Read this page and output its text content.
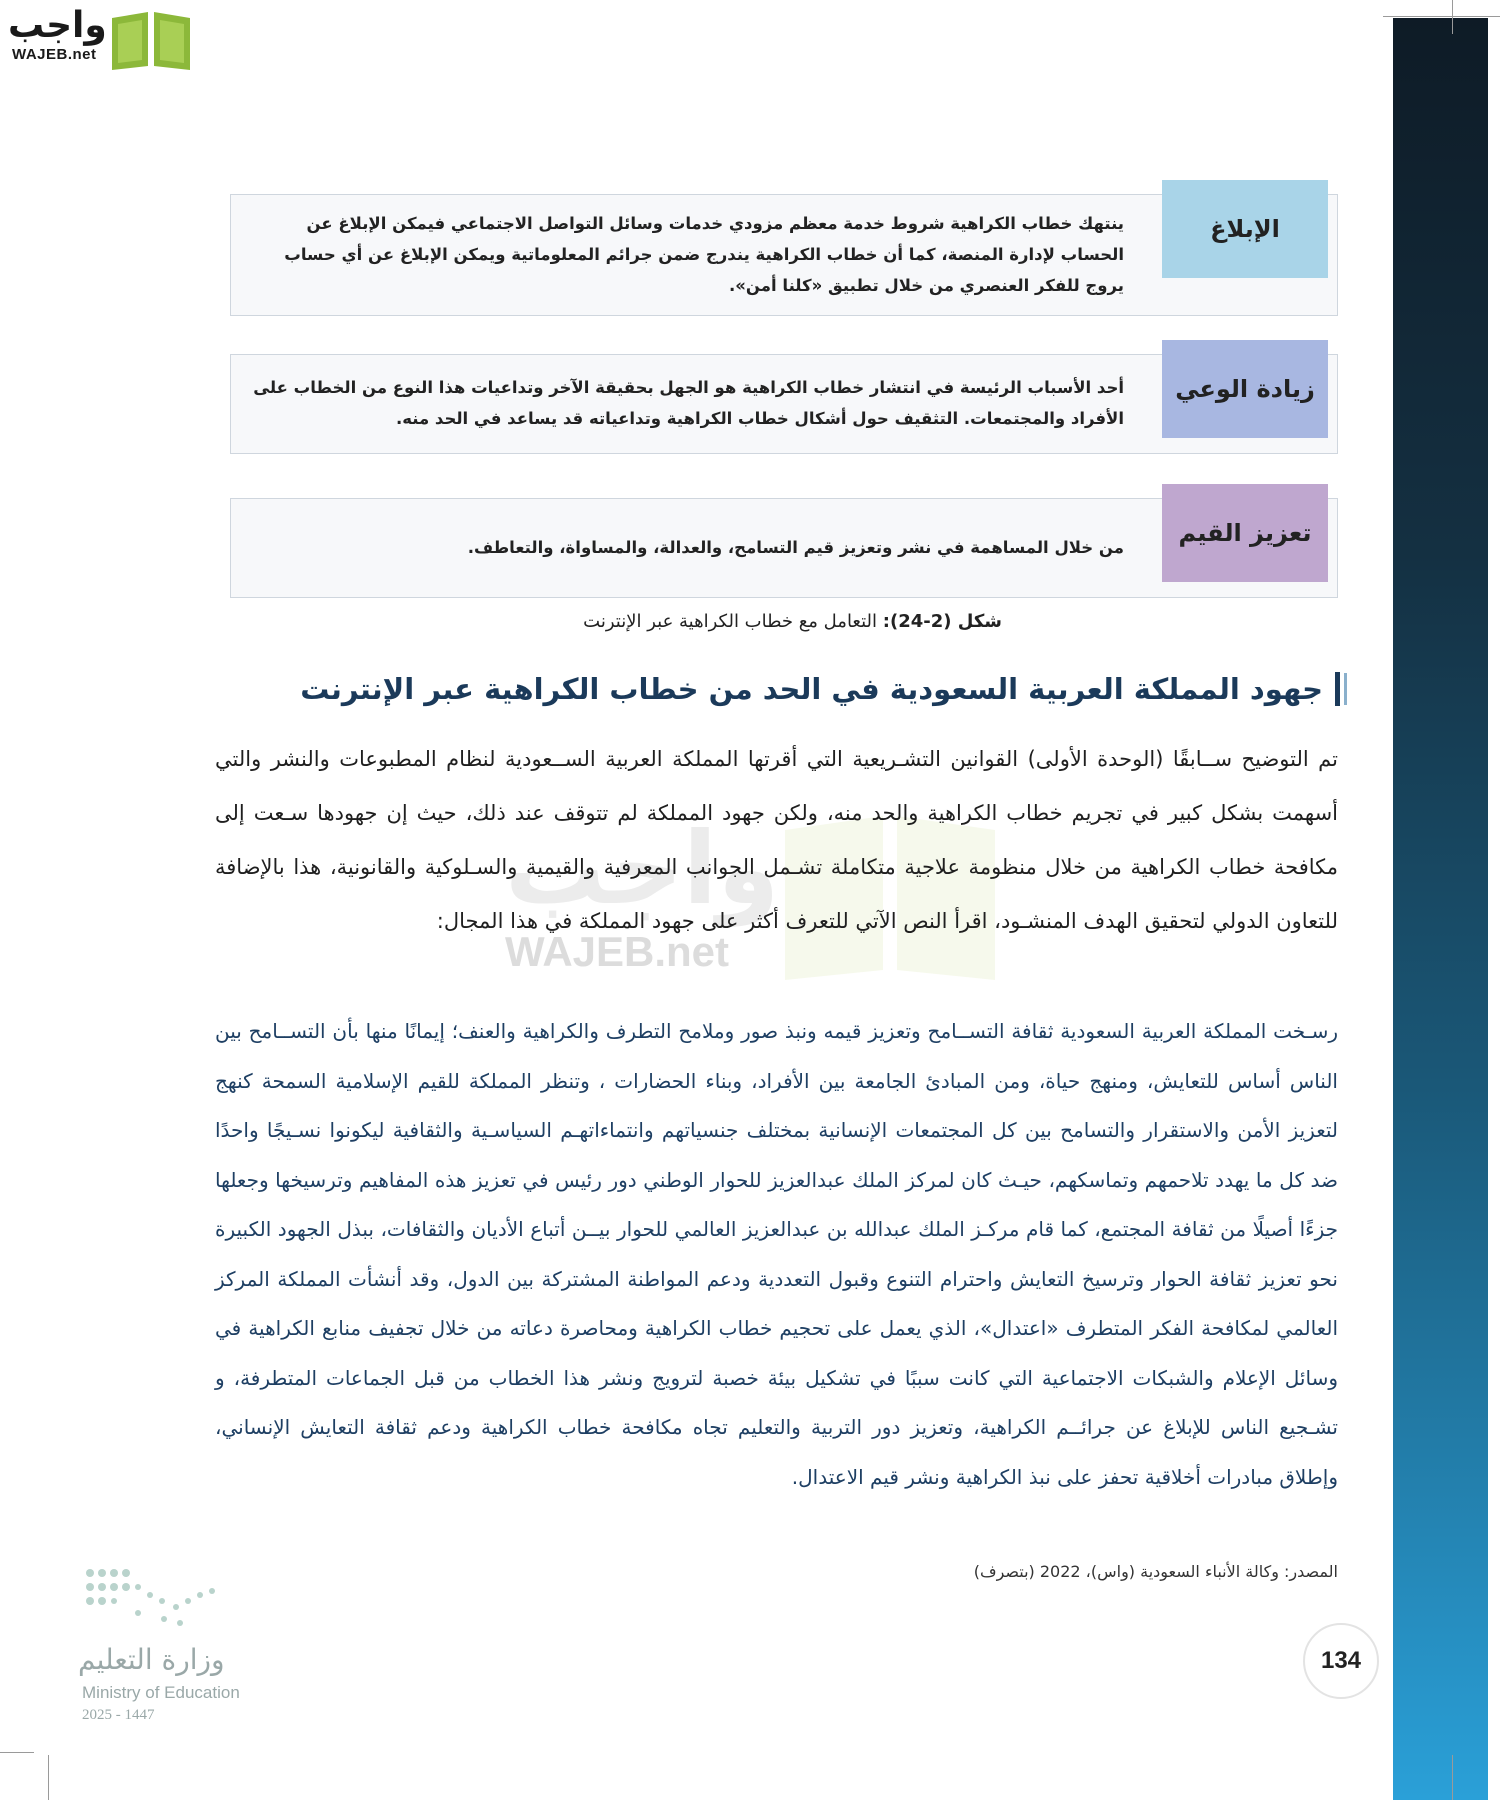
واجب
WAJEB.net
ينتهك خطاب الكراهية شروط خدمة معظم مزودي خدمات وسائل التواصل الاجتماعي فيمكن الإبلاغ عن الحساب لإدارة المنصة، كما أن خطاب الكراهية يندرج ضمن جرائم المعلوماتية ويمكن الإبلاغ عن أي حساب يروج للفكر العنصري من خلال تطبيق «كلنا أمن».
الإبلاغ
أحد الأسباب الرئيسة في انتشار خطاب الكراهية هو الجهل بحقيقة الآخر وتداعيات هذا النوع من الخطاب على الأفراد والمجتمعات. التثقيف حول أشكال خطاب الكراهية وتداعياته قد يساعد في الحد منه.
زيادة الوعي
من خلال المساهمة في نشر وتعزيز قيم التسامح، والعدالة، والمساواة، والتعاطف.	تعزيز القيم
شكل (2-24): التعامل مع خطاب الكراهية عبر الإنترنت
جهود المملكة العربية السعودية في الحد من خطاب الكراهية عبر الإنترنت
واجب
WAJEB.net
تم التوضيح ســابقًا (الوحدة الأولى) القوانين التشـريعية التي أقرتها المملكة العربية الســعودية لنظام المطبوعات والنشر والتي أسهمت بشكل كبير في تجريم خطاب الكراهية والحد منه، ولكن جهود المملكة لم تتوقف عند ذلك، حيث إن جهودها سـعت إلى مكافحة خطاب الكراهية من خلال منظومة علاجية متكاملة تشـمل الجوانب المعرفية والقيمية والسـلوكية والقانونية، هذا بالإضافة للتعاون الدولي لتحقيق الهدف المنشـود، اقرأ النص الآتي للتعرف أكثر على جهود المملكة في هذا المجال:
رسـخت المملكة العربية السعودية ثقافة التســامح وتعزيز قيمه ونبذ صور وملامح التطرف والكراهية والعنف؛ إيمانًا منها بأن التســامح بين الناس أساس للتعايش، ومنهج حياة، ومن المبادئ الجامعة بين الأفراد، وبناء الحضارات ، وتنظر المملكة للقيم الإسلامية السمحة كنهج لتعزيز الأمن والاستقرار والتسامح بين كل المجتمعات الإنسانية بمختلف جنسياتهم وانتماءاتهـم السياسـية والثقافية ليكونوا نسـيجًا واحدًا ضد كل ما يهدد تلاحمهم وتماسكهم، حيـث كان لمركز الملك عبدالعزيز للحوار الوطني دور رئيس في تعزيز هذه المفاهيم وترسيخها وجعلها جزءًا أصيلًا من ثقافة المجتمع، كما قام مركـز الملك عبدالله بن عبدالعزيز العالمي للحوار بيــن أتباع الأديان والثقافات، ببذل الجهود الكبيرة نحو تعزيز ثقافة الحوار وترسيخ التعايش واحترام التنوع وقبول التعددية ودعم المواطنة المشتركة بين الدول، وقد أنشأت المملكة المركز العالمي لمكافحة الفكر المتطرف «اعتدال»، الذي يعمل على تحجيم خطاب الكراهية ومحاصرة دعاته من خلال تجفيف منابع الكراهية في وسائل الإعلام والشبكات الاجتماعية التي كانت سببًا في تشكيل بيئة خصبة لترويج ونشر هذا الخطاب من قبل الجماعات المتطرفة، و تشـجيع الناس للإبلاغ عن جرائــم الكراهية، وتعزيز دور التربية والتعليم تجاه مكافحة خطاب الكراهية ودعم ثقافة التعايش الإنساني، وإطلاق مبادرات أخلاقية تحفز على نبذ الكراهية ونشر قيم الاعتدال.
المصدر: وكالة الأنباء السعودية (واس)، 2022 (بتصرف)
وزارة التعليم
Ministry of Education
2025 - 1447
134
